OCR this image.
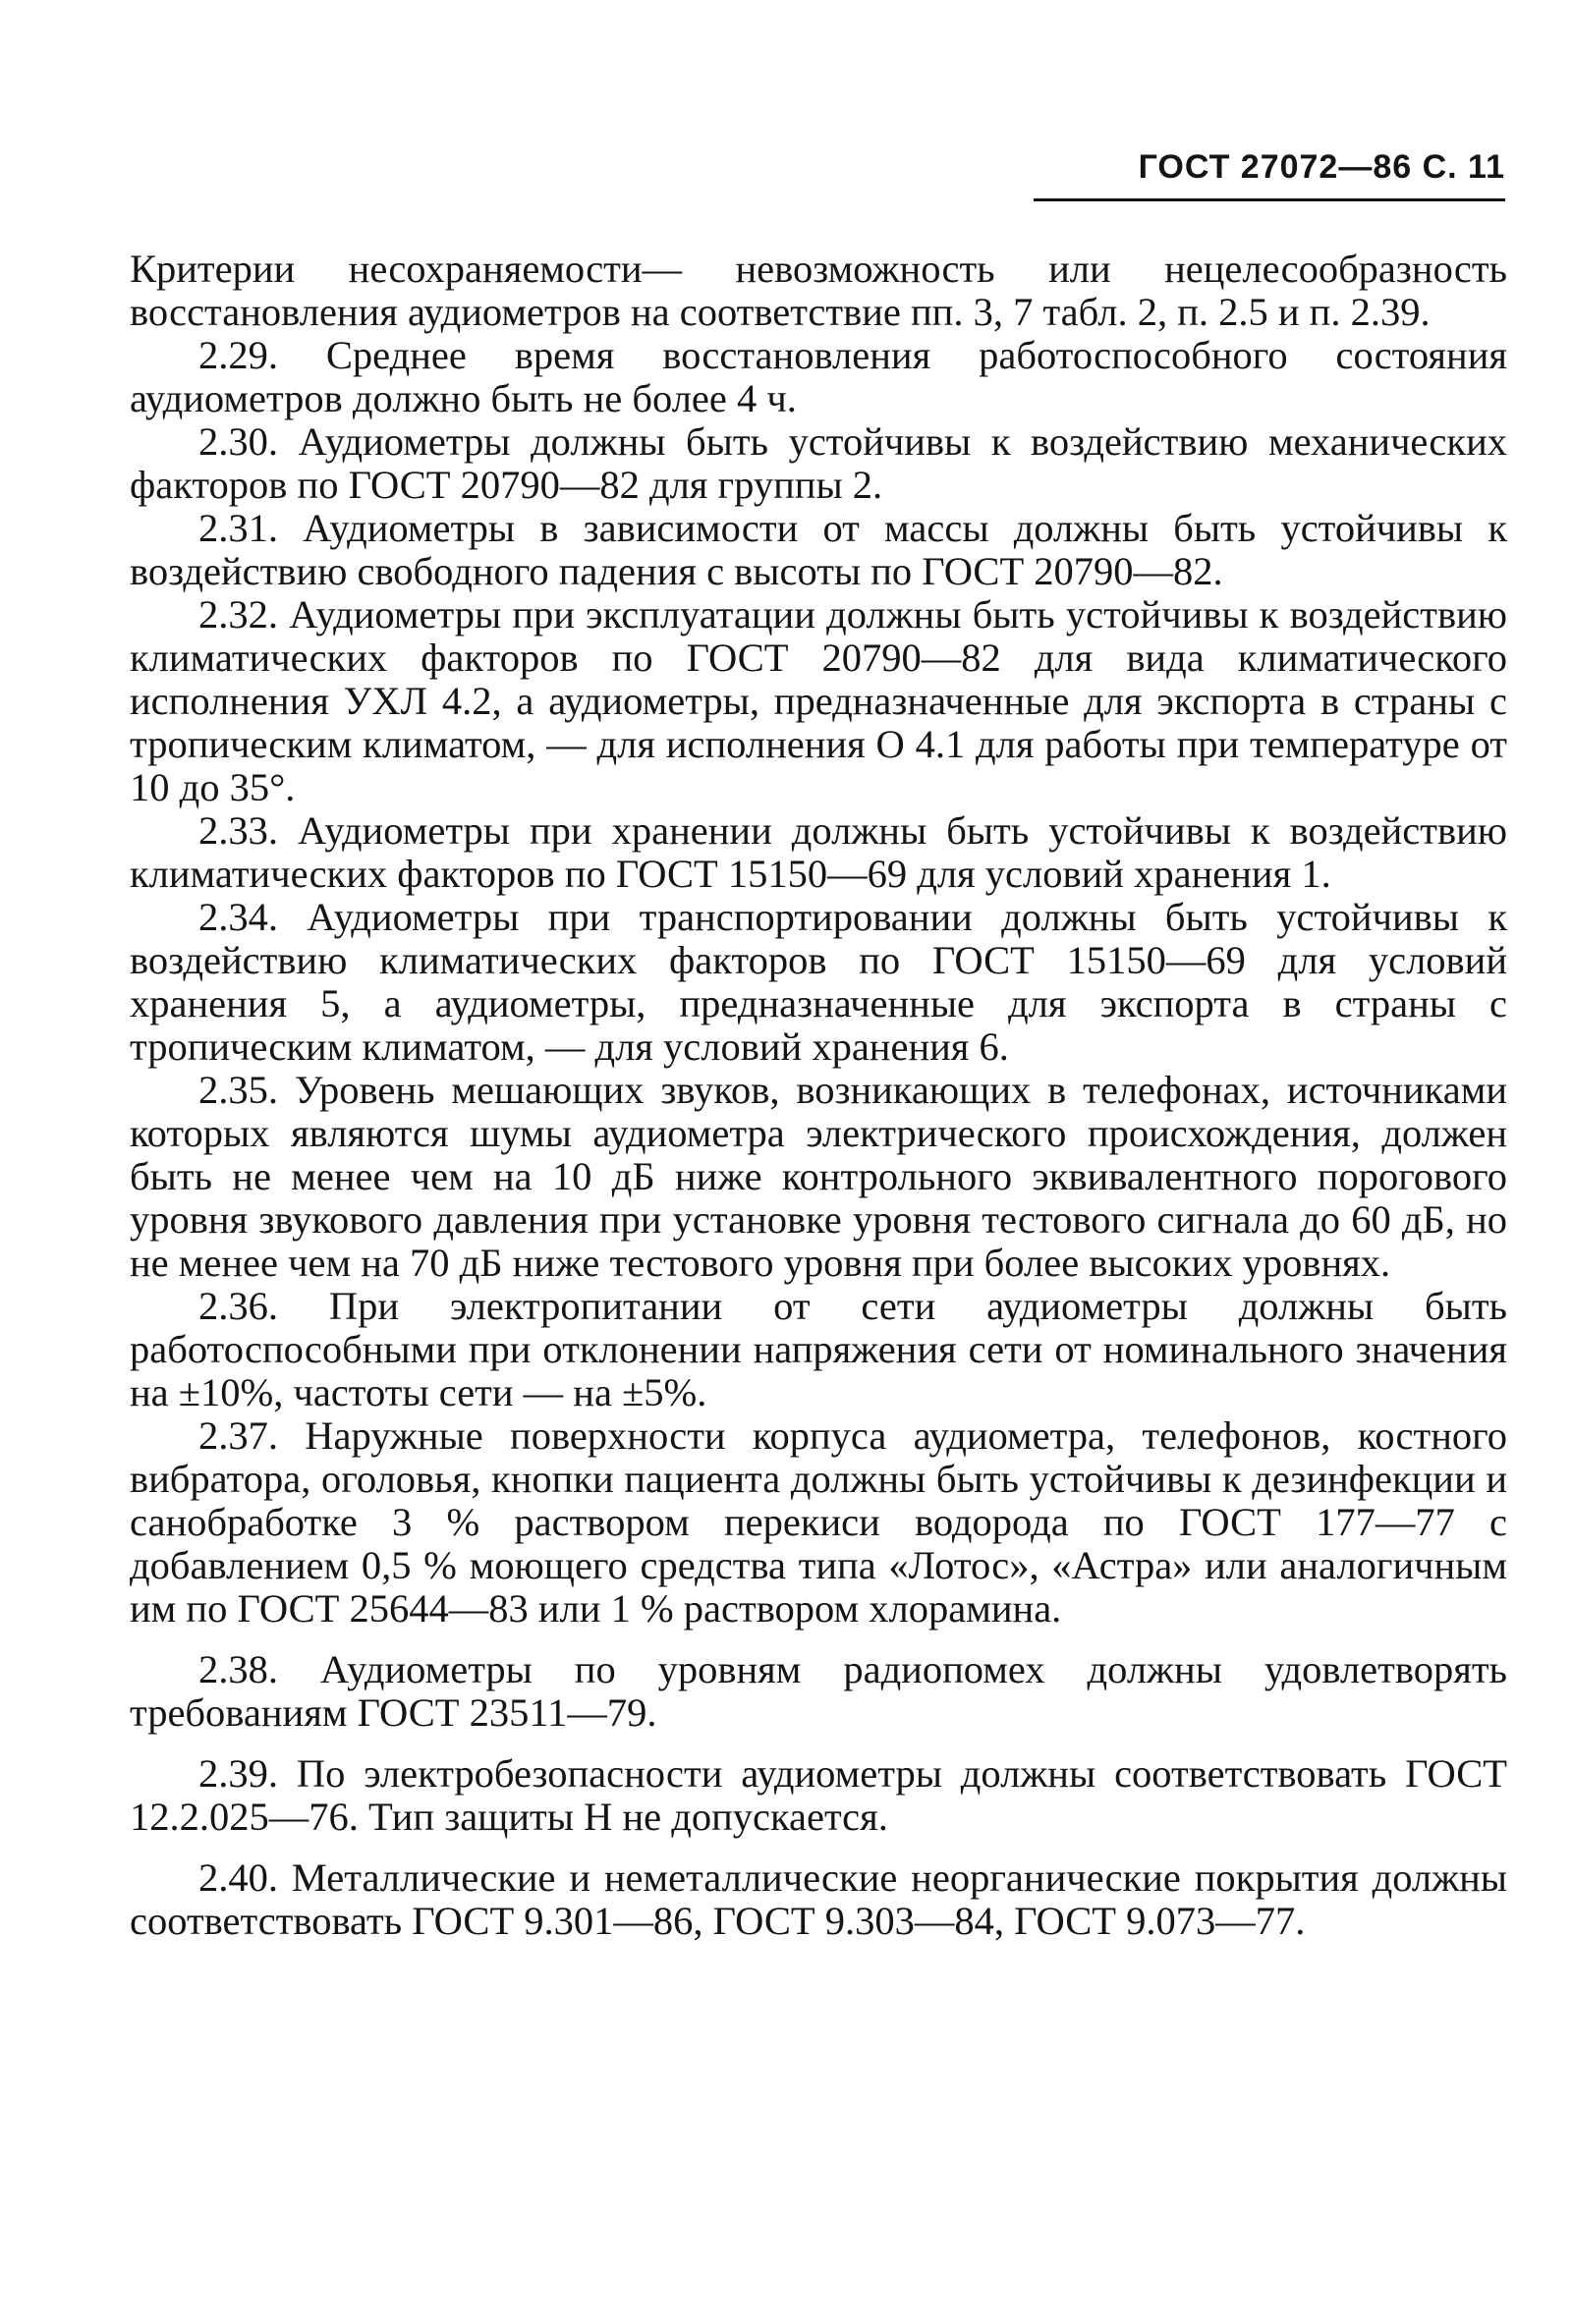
ГОСТ 27072—86 С. 11

Критерии несохраняемости— невозможность или нецелесообразность восстановления аудиометров на соответствие пп. 3, 7 табл. 2, п. 2.5 и п. 2.39.

2.29. Среднее время восстановления работоспособного состояния аудиометров должно быть не более 4 ч.

2.30. Аудиометры должны быть устойчивы к воздействию механических факторов по ГОСТ 20790—82 для группы 2.

2.31. Аудиометры в зависимости от массы должны быть устойчивы к воздействию свободного падения с высоты по ГОСТ 20790—82.

2.32. Аудиометры при эксплуатации должны быть устойчивы к воздействию климатических факторов по ГОСТ 20790—82 для вида климатического исполнения УХЛ 4.2, а аудиометры, предназначенные для экспорта в страны с тропическим климатом, — для исполнения О 4.1 для работы при температуре от 10 до 35°.

2.33. Аудиометры при хранении должны быть устойчивы к воздействию климатических факторов по ГОСТ 15150—69 для условий хранения 1.

2.34. Аудиометры при транспортировании должны быть устойчивы к воздействию климатических факторов по ГОСТ 15150—69 для условий хранения 5, а аудиометры, предназначенные для экспорта в страны с тропическим климатом, — для условий хранения 6.

2.35. Уровень мешающих звуков, возникающих в телефонах, источниками которых являются шумы аудиометра электрического происхождения, должен быть не менее чем на 10 дБ ниже контрольного эквивалентного порогового уровня звукового давления при установке уровня тестового сигнала до 60 дБ, но не менее чем на 70 дБ ниже тестового уровня при более высоких уровнях.

2.36. При электропитании от сети аудиометры должны быть работоспособными при отклонении напряжения сети от номинального значения на ±10%, частоты сети — на ±5%.

2.37. Наружные поверхности корпуса аудиометра, телефонов, костного вибратора, оголовья, кнопки пациента должны быть устойчивы к дезинфекции и санобработке 3 % раствором перекиси водорода по ГОСТ 177—77 с добавлением 0,5 % моющего средства типа «Лотос», «Астра» или аналогичным им по ГОСТ 25644—83 или 1 % раствором хлорамина.

2.38. Аудиометры по уровням радиопомех должны удовлетворять требованиям ГОСТ 23511—79.

2.39. По электробезопасности аудиометры должны соответствовать ГОСТ 12.2.025—76. Тип защиты Н не допускается.

2.40. Металлические и неметаллические неорганические покрытия должны соответствовать ГОСТ 9.301—86, ГОСТ 9.303—84, ГОСТ 9.073—77.
